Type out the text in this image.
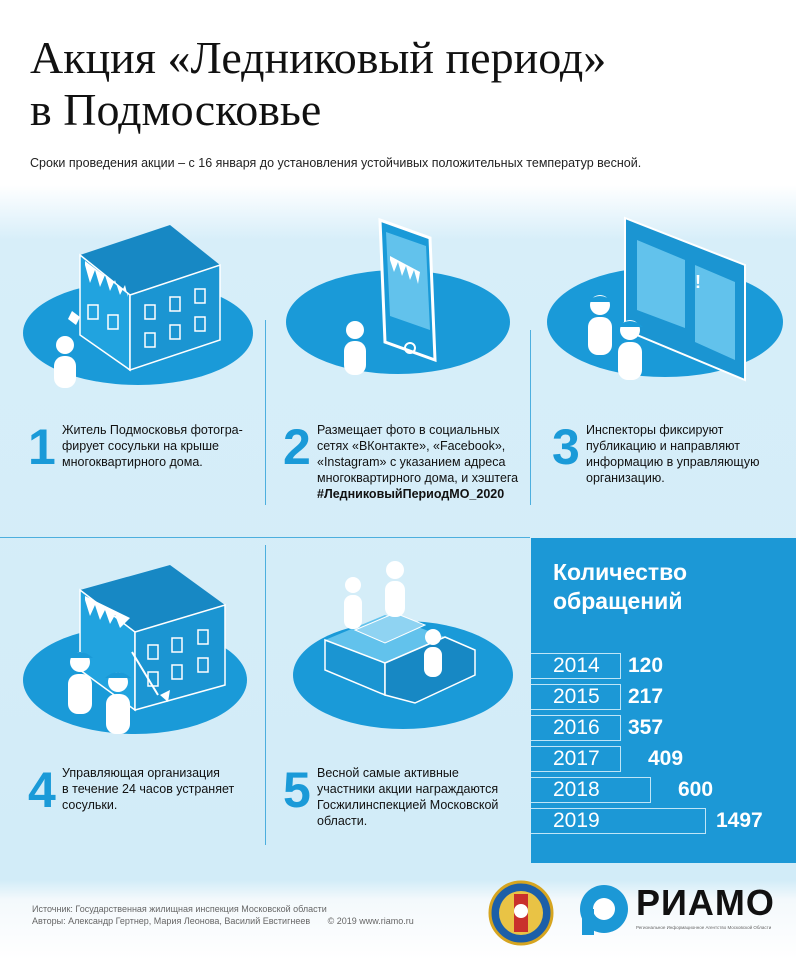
Акция «Ледниковый период»
в Подмосковье
Сроки проведения акции – с 16 января до установления устойчивых положительных температур весной.
!
1 Житель Подмосковья фотогра-
фирует сосульки на крыше
многоквартирного дома.	2 Размещает фото в социальных
сетях «ВКонтакте», «Facebook»,
«Instagram» с указанием адреса
многоквартирного дома, и хэштега
#ЛедниковыйПериодМО_2020
3 Инспекторы фиксируют
публикацию и направляют
информацию в управляющую
организацию.
4 Управляющая организация
в течение 24 часов устраняет
сосульки.	5 Весной самые активные
участники акции награждаются
Госжилинспекцией Московской
области.
Количество
обращений
2014 120
2015 217
2016 357
2017 409
2018	600
2019	1497
Источник: Государственная жилищная инспекция Московской области
Авторы: Александр Гертнер, Мария Леонова, Василий Евстигнеев © 2019 www.riamo.ru	РИАМО
Региональное Информационное Агентство Московской Области
